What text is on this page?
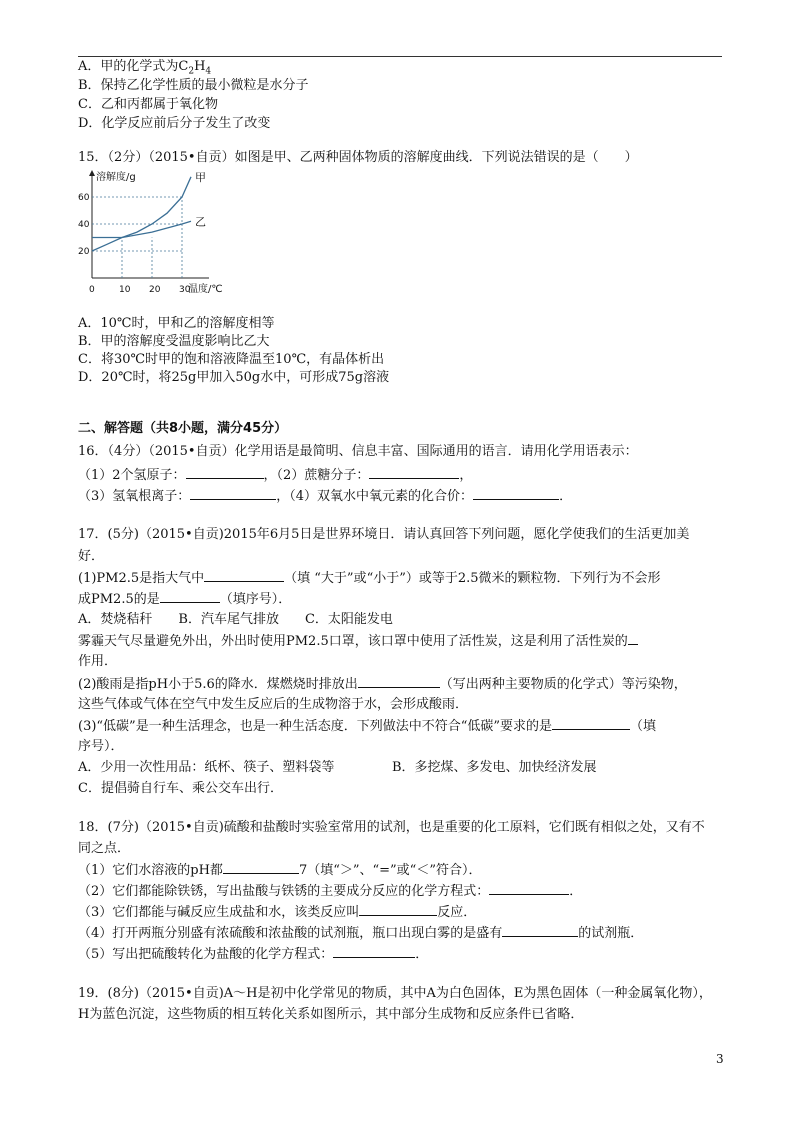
A．甲的化学式为$C_2H_4$
B．保持乙化学性质的最小微粒是水分子
C．乙和丙都属于氧化物
D．化学反应前后分子发生了改变
15．（2分）（2015•自贡）如图是甲、乙两种固体物质的溶解度曲线．下列说法错误的是（　　）
甲
乙
0	10 20 30
20
40
60
溶解度/g
温度/℃
A．10℃时，甲和乙的溶解度相等
B．甲的溶解度受温度影响比乙大
C．将30℃时甲的饱和溶液降温至10℃，有晶体析出
D．20℃时，将25g甲加入50g水中，可形成75g溶液
二、解答题（共8小题，满分45分）
16．（4分）（2015•自贡）化学用语是最简明、信息丰富、国际通用的语言．请用化学用语表示：
（1）2个氢原子：	，（2）蔗糖分子：	，
（3）氢氧根离子：	，（4）双氧水中氧元素的化合价：	．
17．(5分)（2015•自贡)2015年6月5日是世界环境日．请认真回答下列问题，愿化学使我们的生活更加美
好．
(1)PM2.5是指大气中	（填 “大于”或“小于”）或等于2.5微米的颗粒物．下列行为不会形
成PM2.5的是	（填序号）．
A．焚烧秸秆　　B．汽车尾气排放　　C．太阳能发电
雾霾天气尽量避免外出，外出时使用PM2.5口罩，该口罩中使用了活性炭，这是利用了活性炭的
作用．
(2)酸雨是指pH小于5.6的降水．煤燃烧时排放出	（写出两种主要物质的化学式）等污染物，
这些气体或气体在空气中发生反应后的生成物溶于水，会形成酸雨．
(3)“低碳”是一种生活理念，也是一种生活态度．下列做法中不符合“低碳”要求的是	（填
序号）．
A．少用一次性用品：纸杯、筷子、塑料袋等	B．多挖煤、多发电、加快经济发展
C．提倡骑自行车、乘公交车出行．
18．(7分)（2015•自贡)硫酸和盐酸时实验室常用的试剂，也是重要的化工原料，它们既有相似之处，又有不
同之点．
（1）它们水溶液的pH都	7（填“＞”、“=”或“＜”符合）．
（2）它们都能除铁锈，写出盐酸与铁锈的主要成分反应的化学方程式：	．
（3）它们都能与碱反应生成盐和水，该类反应叫	反应．
（4）打开两瓶分别盛有浓硫酸和浓盐酸的试剂瓶，瓶口出现白雾的是盛有	的试剂瓶．
（5）写出把硫酸转化为盐酸的化学方程式：	．
19．(8分)（2015•自贡)A～H是初中化学常见的物质，其中A为白色固体，E为黑色固体（一种金属氧化物），
H为蓝色沉淀，这些物质的相互转化关系如图所示，其中部分生成物和反应条件已省略．
3
